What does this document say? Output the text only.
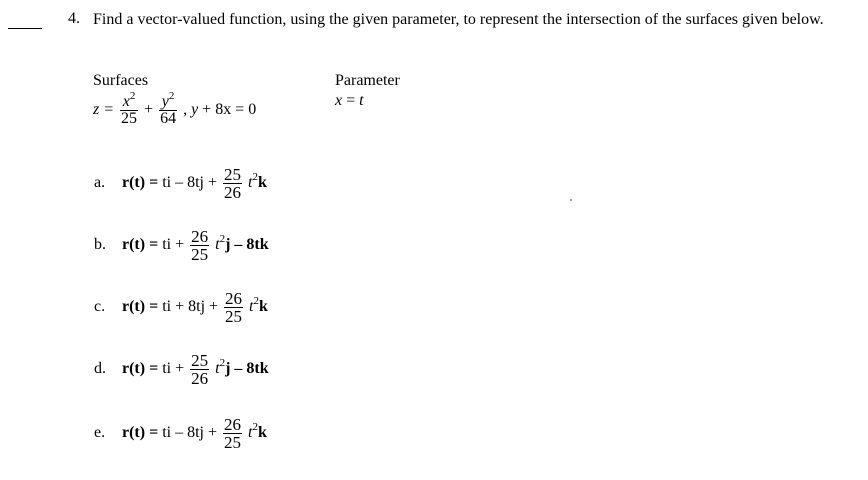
4. Find a vector-valued function, using the given parameter, to represent the intersection of the surfaces given below.
Surfaces	Parameter
$z = \frac{x^2}{25} + \frac{y^2}{64}$ , y + 8x = 0
x = t
a. r(t) = ti – $8tj + \frac{25}{26} t^2k$
b. r(t) = ti + $\frac{26}{25} t^2j - 8tk$
c. r(t) = ti + $8tj + \frac{26}{25} t^2k$
d. r(t) = ti + $\frac{25}{26} t^2j - 8tk$
e. r(t) = ti – $8tj + \frac{26}{25} t^2k$
